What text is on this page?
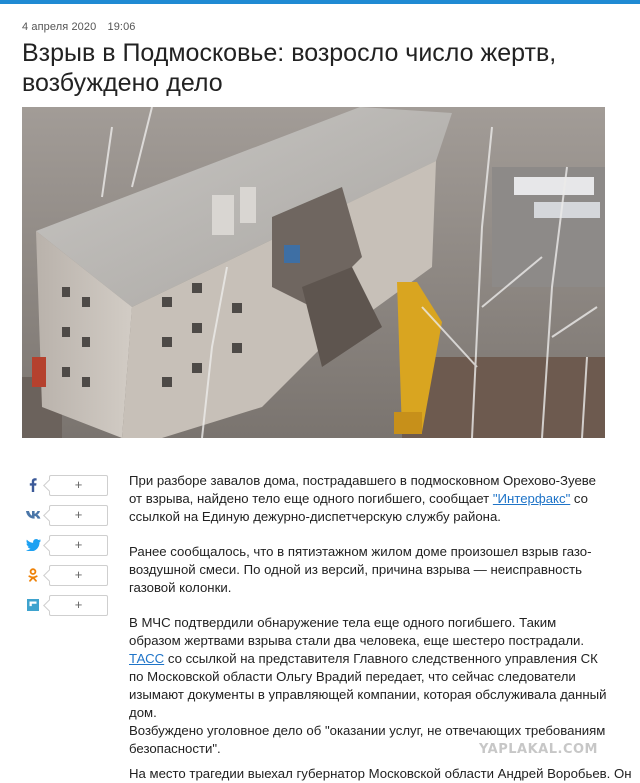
4 апреля 2020 19:06
Взрыв в Подмосковье: возросло число жертв, возбуждено дело
+
+
+
+
+

При разборе завалов дома, пострадавшего в подмосковном Орехово-Зуеве от взрыва, найдено тело еще одного погибшего, сообщает "Интерфакс" со ссылкой на Единую дежурно-диспетчерскую службу района.

Ранее сообщалось, что в пятиэтажном жилом доме произошел взрыв газо-воздушной смеси. По одной из версий, причина взрыва — неисправность газовой колонки.

В МЧС подтвердили обнаружение тела еще одного погибшего. Таким образом жертвами взрыва стали два человека, еще шестеро пострадали. ТАСС со ссылкой на представителя Главного следственного управления СК по Московской области Ольгу Врадий передает, что сейчас следователи изымают документы в управляющей компании, которая обслуживала данный дом.
Возбуждено уголовное дело об "оказании услуг, не отвечающих требованиям безопасности".	YAPLAKAL.COM
На место трагедии выехал губернатор Московской области Андрей Воробьев. Он
